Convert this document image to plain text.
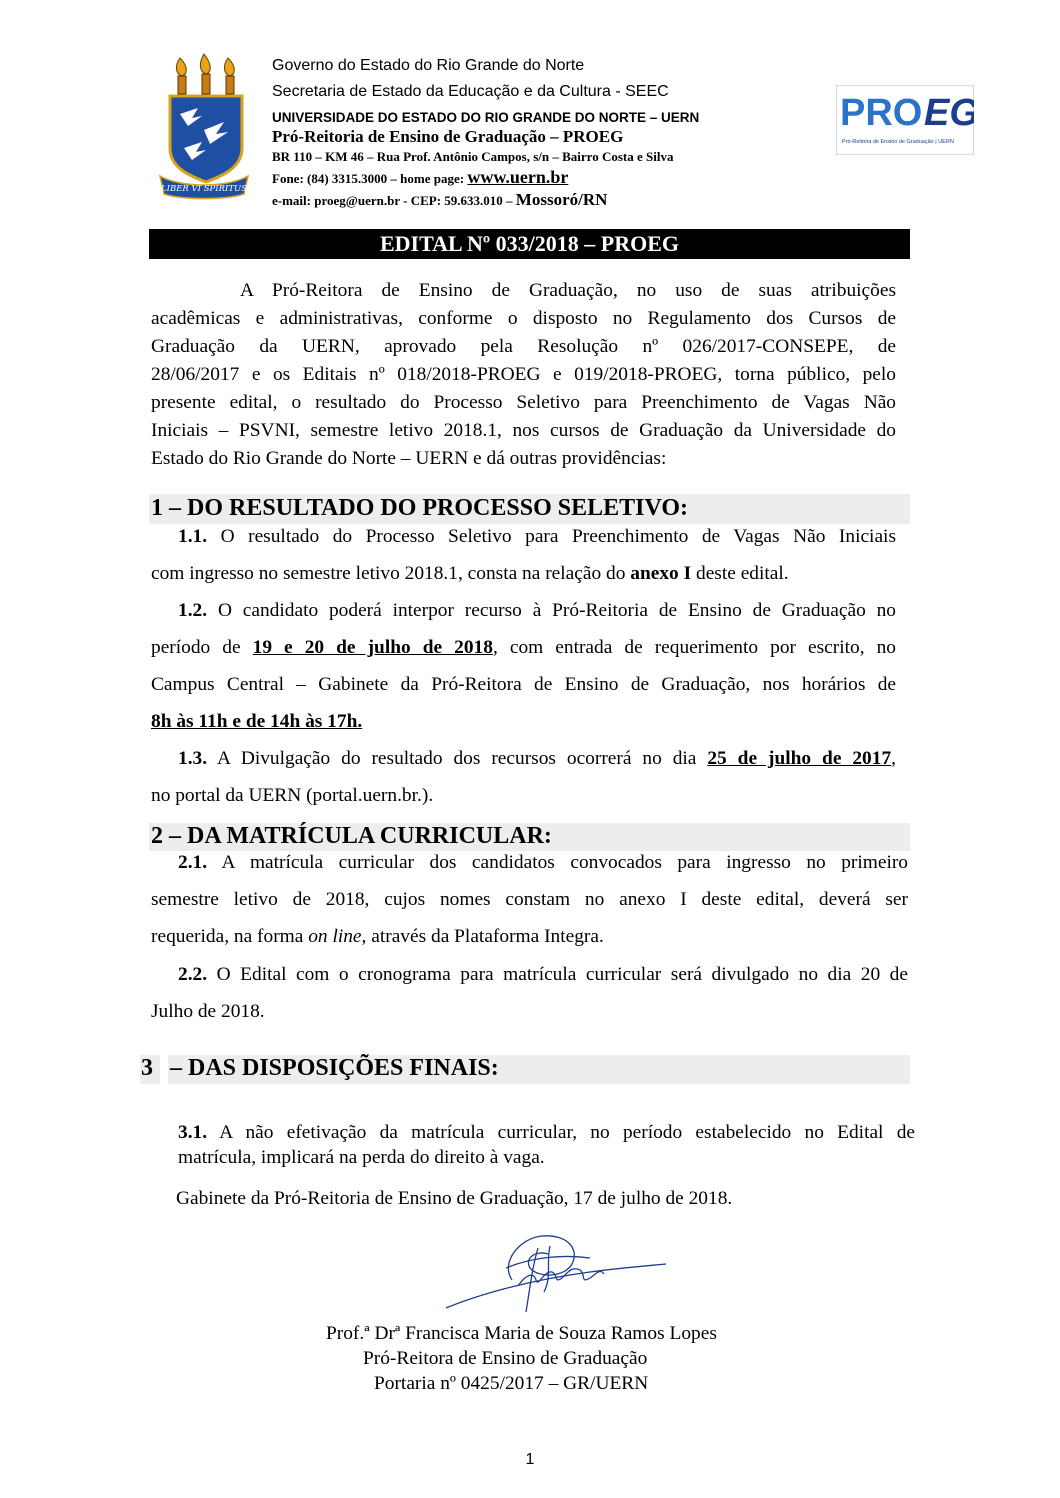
LIBER VI SPIRITUS
Governo do Estado do Rio Grande do Norte
Secretaria de Estado da Educação e da Cultura - SEEC
UNIVERSIDADE DO ESTADO DO RIO GRANDE DO NORTE – UERN
Pró-Reitoria de Ensino de Graduação – PROEG
BR 110 – KM 46 – Rua Prof. Antônio Campos, s/n – Bairro Costa e Silva
Fone: (84) 3315.3000 – home page: www.uern.br
e-mail: proeg@uern.br - CEP: 59.633.010 – Mossoró/RN
PRO EG
Pró-Reitoria de Ensino de Graduação | UERN
EDITAL Nº 033/2018 – PROEG
A Pró-Reitora de Ensino de Graduação, no uso de suas atribuições
acadêmicas e administrativas, conforme o disposto no Regulamento dos Cursos de
Graduação da UERN, aprovado pela Resolução nº 026/2017-CONSEPE, de
28/06/2017 e os Editais nº 018/2018-PROEG e 019/2018-PROEG, torna público, pelo
presente edital, o resultado do Processo Seletivo para Preenchimento de Vagas Não
Iniciais – PSVNI, semestre letivo 2018.1, nos cursos de Graduação da Universidade do
Estado do Rio Grande do Norte – UERN e dá outras providências:
1 – DO RESULTADO DO PROCESSO SELETIVO:
1.1. O resultado do Processo Seletivo para Preenchimento de Vagas Não Iniciais
com ingresso no semestre letivo 2018.1, consta na relação do anexo I deste edital.
1.2. O candidato poderá interpor recurso à Pró-Reitoria de Ensino de Graduação no
período de 19 e 20 de julho de 2018, com entrada de requerimento por escrito, no
Campus Central – Gabinete da Pró-Reitora de Ensino de Graduação, nos horários de
8h às 11h e de 14h às 17h.
1.3. A Divulgação do resultado dos recursos ocorrerá no dia 25 de julho de 2017,
no portal da UERN (portal.uern.br.).
2 – DA MATRÍCULA CURRICULAR:
2.1. A matrícula curricular dos candidatos convocados para ingresso no primeiro
semestre letivo de 2018, cujos nomes constam no anexo I deste edital, deverá ser
requerida, na forma on line, através da Plataforma Integra.
2.2. O Edital com o cronograma para matrícula curricular será divulgado no dia 20 de
Julho de 2018.
3 – DAS DISPOSIÇÕES FINAIS:
3.1. A não efetivação da matrícula curricular, no período estabelecido no Edital de
matrícula, implicará na perda do direito à vaga.
Gabinete da Pró-Reitoria de Ensino de Graduação, 17 de julho de 2018.
Prof.ª Drª Francisca Maria de Souza Ramos Lopes
Pró-Reitora de Ensino de Graduação
Portaria nº 0425/2017 – GR/UERN
1
